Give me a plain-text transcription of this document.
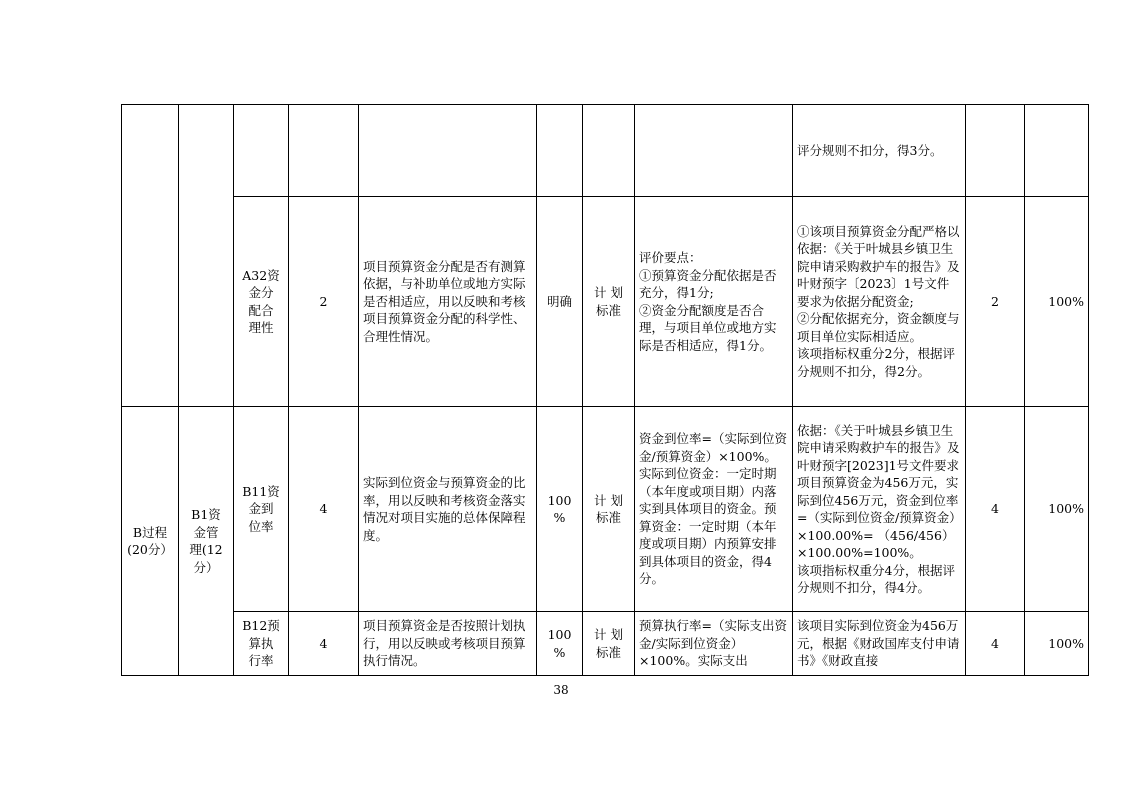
								评分规则不扣分，得3分。		

		A32资
金分
配合
理性	2	项目预算资金分配是否有测算依据，与补助单位或地方实际是否相适应，用以反映和考核项目预算资金分配的科学性、合理性情况。	明确	计 划
标准	评价要点：
①预算资金分配依据是否充分，得1分;
②资金分配额度是否合理，与项目单位或地方实际是否相适应，得1分。	①该项目预算资金分配严格以依据：《关于叶城县乡镇卫生院申请采购救护车的报告》及叶财预字〔2023〕1号文件要求为依据分配资金;
②分配依据充分，资金额度与项目单位实际相适应。
该项指标权重分2分，根据评分规则不扣分，得2分。	2	100%

B过程
(20分）	B1资
金管
理(12
分）	B11资
金到
位率	4	实际到位资金与预算资金的比率，用以反映和考核资金落实情况对项目实施的总体保障程度。	100
%	计 划
标准	资金到位率=（实际到位资金/预算资金）×100%。实际到位资金：一定时期（本年度或项目期）内落实到具体项目的资金。预算资金：一定时期（本年度或项目期）内预算安排到具体项目的资金，得4分。	依据：《关于叶城县乡镇卫生院申请采购救护车的报告》及叶财预字[2023]1号文件要求项目预算资金为456万元，实际到位456万元，资金到位率=（实际到位资金/预算资金）×100.00%= （456/456）×100.00%=100%。
该项指标权重分4分，根据评分规则不扣分，得4分。	4	100%

		B12预
算执
行率	4	项目预算资金是否按照计划执行，用以反映或考核项目预算执行情况。	100
%	计 划
标准	预算执行率=（实际支出资金/实际到位资金）×100%。实际支出	该项目实际到位资金为456万元，根据《财政国库支付申请书》《财政直接	4	100%
38
